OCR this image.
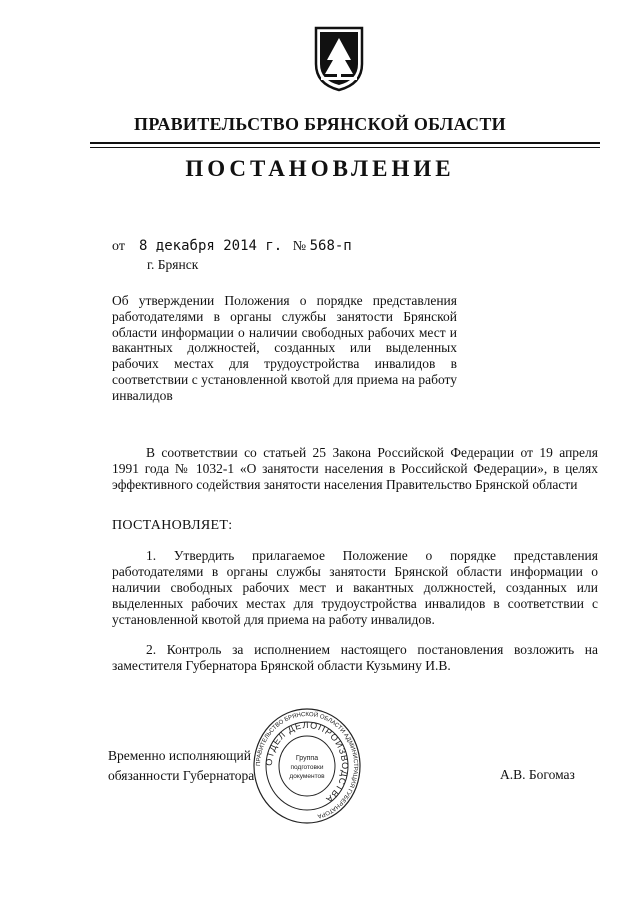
ПРАВИТЕЛЬСТВО БРЯНСКОЙ ОБЛАСТИ
ПОСТАНОВЛЕНИЕ
от 8 декабря 2014 г. № 568-п
г. Брянск
Об утверждении Положения о порядке представления работодателями в органы службы занятости Брянской области информации о наличии свободных рабочих мест и вакантных должностей, созданных или выделенных рабочих местах для трудоустройства инвалидов в соответствии с установленной квотой для приема на работу инвалидов
В соответствии со статьей 25 Закона Российской Федерации от 19 апреля 1991 года № 1032-1 «О занятости населения в Российской Федерации», в целях эффективного содействия занятости населения Правительство Брянской области
ПОСТАНОВЛЯЕТ:
1. Утвердить прилагаемое Положение о порядке представления работодателями в органы службы занятости Брянской области информации о наличии свободных рабочих мест и вакантных должностей, созданных или выделенных рабочих местах для трудоустройства инвалидов в соответствии с установленной квотой для приема на работу инвалидов.
2. Контроль за исполнением настоящего постановления возложить на заместителя Губернатора Брянской области Кузьмину И.В.
Временно исполняющий
обязанности Губернатора	А.В. Богомаз
ПРАВИТЕЛЬСТВО БРЯНСКОЙ ОБЛАСТИ АДМИНИСТРАЦИЯ ГУБЕРНАТОРА
ОТДЕЛ ДЕЛОПРОИЗВОДСТВА
Группа
подготовки
документов
